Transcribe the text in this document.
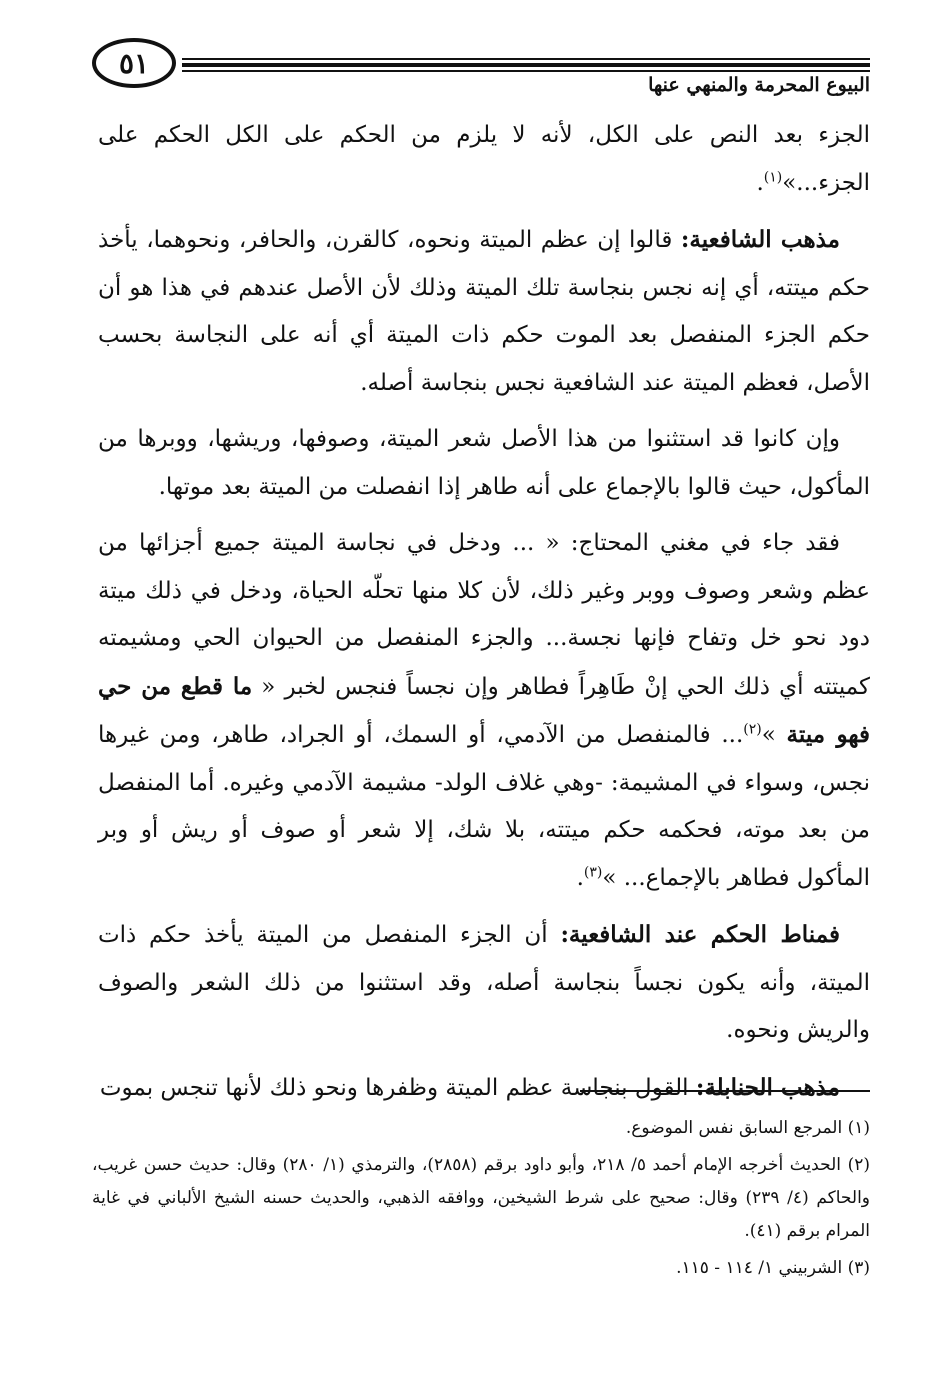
٥١
البيوع المحرمة والمنهي عنها

الجزء بعد النص على الكل، لأنه لا يلزم من الحكم على الكل الحكم على الجزء...»$^{(١)}$.

مذهب الشافعية: قالوا إن عظم الميتة ونحوه، كالقرن، والحافر، ونحوهما، يأخذ حكم ميتته، أي إنه نجس بنجاسة تلك الميتة وذلك لأن الأصل عندهم في هذا هو أن حكم الجزء المنفصل بعد الموت حكم ذات الميتة أي أنه على النجاسة بحسب الأصل، فعظم الميتة عند الشافعية نجس بنجاسة أصله.

وإن كانوا قد استثنوا من هذا الأصل شعر الميتة، وصوفها، وريشها، ووبرها من المأكول، حيث قالوا بالإجماع على أنه طاهر إذا انفصلت من الميتة بعد موتها.

فقد جاء في مغني المحتاج: « ... ودخل في نجاسة الميتة جميع أجزائها من عظم وشعر وصوف ووبر وغير ذلك، لأن كلا منها تحلّه الحياة، ودخل في ذلك ميتة دود نحو خل وتفاح فإنها نجسة... والجزء المنفصل من الحيوان الحي ومشيمته كميتته أي ذلك الحي إنْ طَاهِراً فطاهر وإن نجساً فنجس لخبر « ما قطع من حي فهو ميتة »$^{(٢)}$... فالمنفصل من الآدمي، أو السمك، أو الجراد، طاهر، ومن غيرها نجس، وسواء في المشيمة: -وهي غلاف الولد- مشيمة الآدمي وغيره. أما المنفصل من بعد موته، فحكمه حكم ميتته، بلا شك، إلا شعر أو صوف أو ريش أو وبر المأكول فطاهر بالإجماع... »$^{(٣)}$.

فمناط الحكم عند الشافعية: أن الجزء المنفصل من الميتة يأخذ حكم ذات الميتة، وأنه يكون نجساً بنجاسة أصله، وقد استثنوا من ذلك الشعر والصوف والريش ونحوه.

مذهب الحنابلة: القول بنجاسة عظم الميتة وظفرها ونحو ذلك لأنها تنجس بموت

(١) المرجع السابق نفس الموضوع.

(٢) الحديث أخرجه الإمام أحمد ٥/ ٢١٨، وأبو داود برقم (٢٨٥٨)، والترمذي (١/ ٢٨٠) وقال: حديث حسن غريب، والحاكم (٤/ ٢٣٩) وقال: صحيح على شرط الشيخين، ووافقه الذهبي، والحديث حسنه الشيخ الألباني في غاية المرام برقم (٤١).

(٣) الشربيني ١/ ١١٤ - ١١٥.
